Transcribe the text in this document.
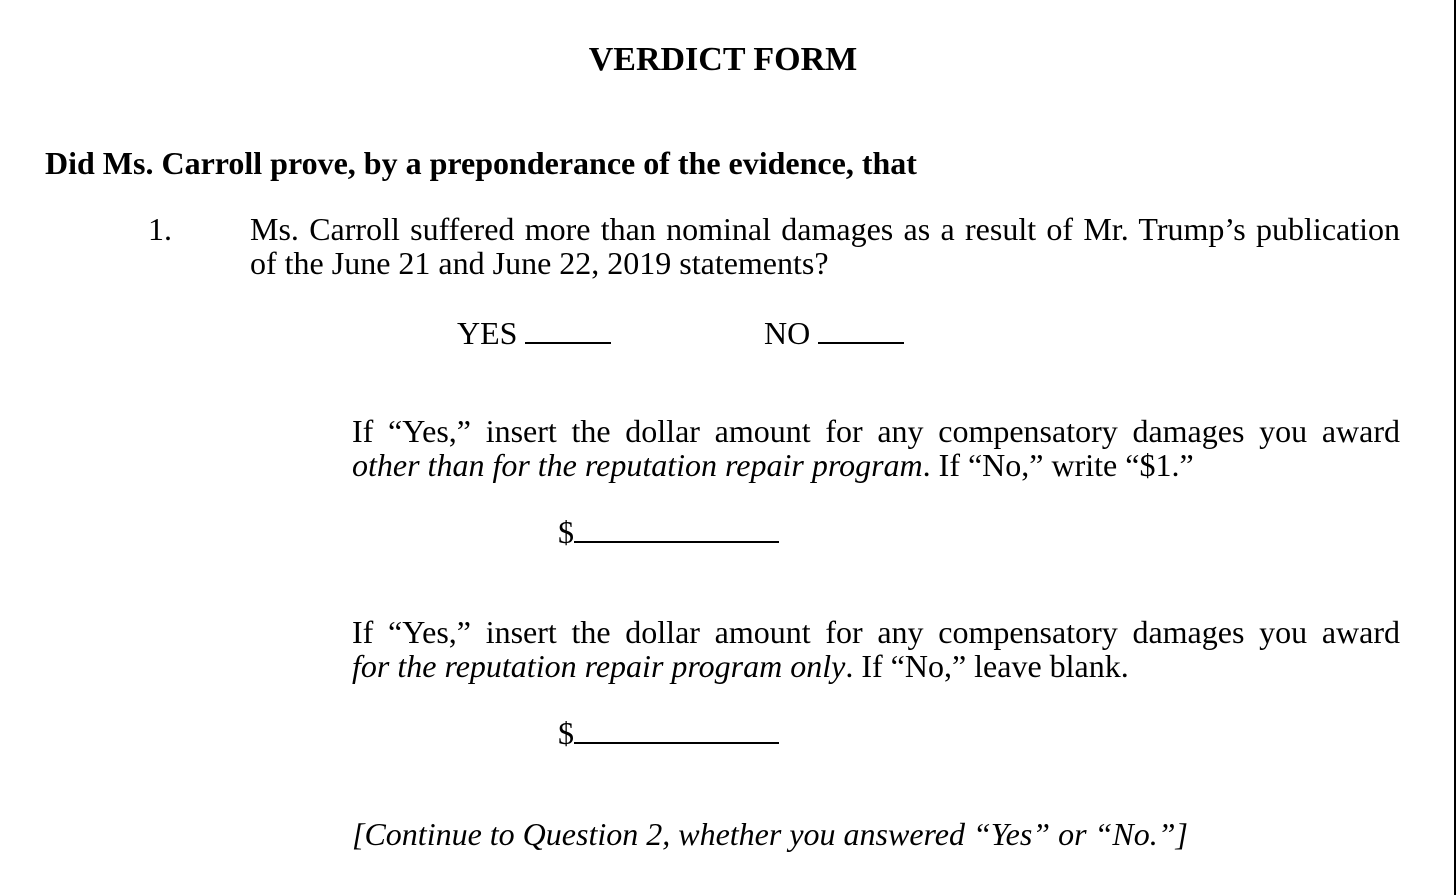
VERDICT FORM
Did Ms. Carroll prove, by a preponderance of the evidence, that
1. Ms. Carroll suffered more than nominal damages as a result of Mr. Trump’s publication of the June 21 and June 22, 2019 statements?
YES	NO
If “Yes,” insert the dollar amount for any compensatory damages you award
other than for the reputation repair program. If “No,” write “$1.”
$
If “Yes,” insert the dollar amount for any compensatory damages you award
for the reputation repair program only. If “No,” leave blank.
$
[Continue to Question 2, whether you answered “Yes” or “No.”]
